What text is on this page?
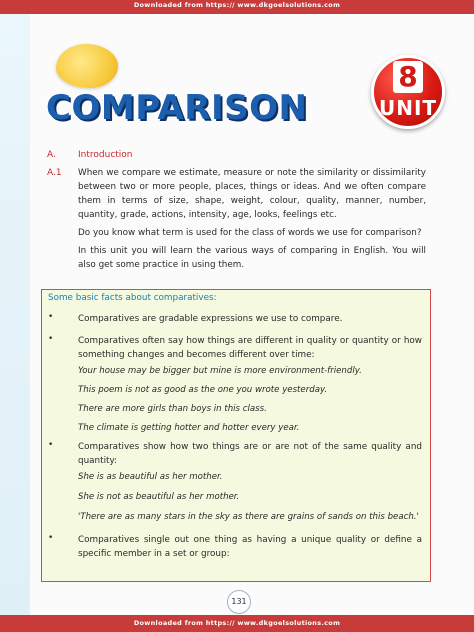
Downloaded from https:// www.dkgoelsolutions.com
COMPARISON
8
UNIT
A. Introduction
A.1 When we compare we estimate, measure or note the similarity or dissimilarity between two or more people, places, things or ideas. And we often compare them in terms of size, shape, weight, colour, quality, manner, number, quantity, grade, actions, intensity, age, looks, feelings etc.

Do you know what term is used for the class of words we use for comparison?

In this unit you will learn the various ways of comparing in English. You will also get some practice in using them.

Some basic facts about comparatives:
•	Comparatives are gradable expressions we use to compare.
•	Comparatives often say how things are different in quality or quantity or how something changes and becomes different over time:
Your house may be bigger but mine is more environment-friendly.
This poem is not as good as the one you wrote yesterday.
There are more girls than boys in this class.
The climate is getting hotter and hotter every year.
•	Comparatives show how two things are or are not of the same quality and quantity:
She is as beautiful as her mother.
She is not as beautiful as her mother.
'There are as many stars in the sky as there are grains of sands on this beach.'
•	Comparatives single out one thing as having a unique quality or define a specific member in a set or group:
131
Downloaded from https:// www.dkgoelsolutions.com
